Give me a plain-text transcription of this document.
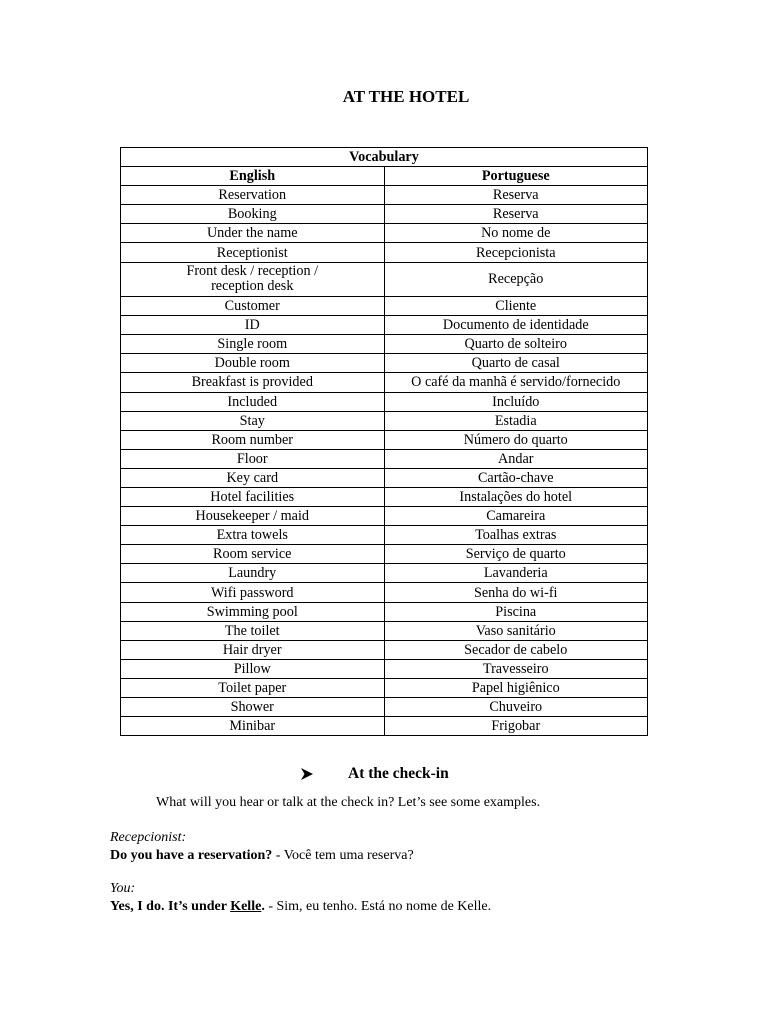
AT THE HOTEL
Vocabulary	
English	Portuguese
Reservation	Reserva
Booking	Reserva
Under the name	No nome de
Receptionist	Recepcionista

Front desk / reception /
reception desk	Recepção
Customer	Cliente
ID	Documento de identidade
Single room	Quarto de solteiro
Double room	Quarto de casal
Breakfast is provided	O café da manhã é servido/fornecido
Included	Incluído
Stay	Estadia
Room number	Número do quarto
Floor	Andar
Key card	Cartão-chave
Hotel facilities	Instalações do hotel
Housekeeper / maid	Camareira
Extra towels	Toalhas extras
Room service	Serviço de quarto
Laundry	Lavanderia
Wifi password	Senha do wi-fi
Swimming pool	Piscina
The toilet	Vaso sanitário
Hair dryer	Secador de cabelo
Pillow	Travesseiro
Toilet paper	Papel higiênico
Shower	Chuveiro
Minibar	Frigobar
At the check-in
What will you hear or talk at the check in? Let’s see some examples.
Recepcionist:
Do you have a reservation? - Você tem uma reserva?
You:
Yes, I do. It’s under Kelle. - Sim, eu tenho. Está no nome de Kelle.
